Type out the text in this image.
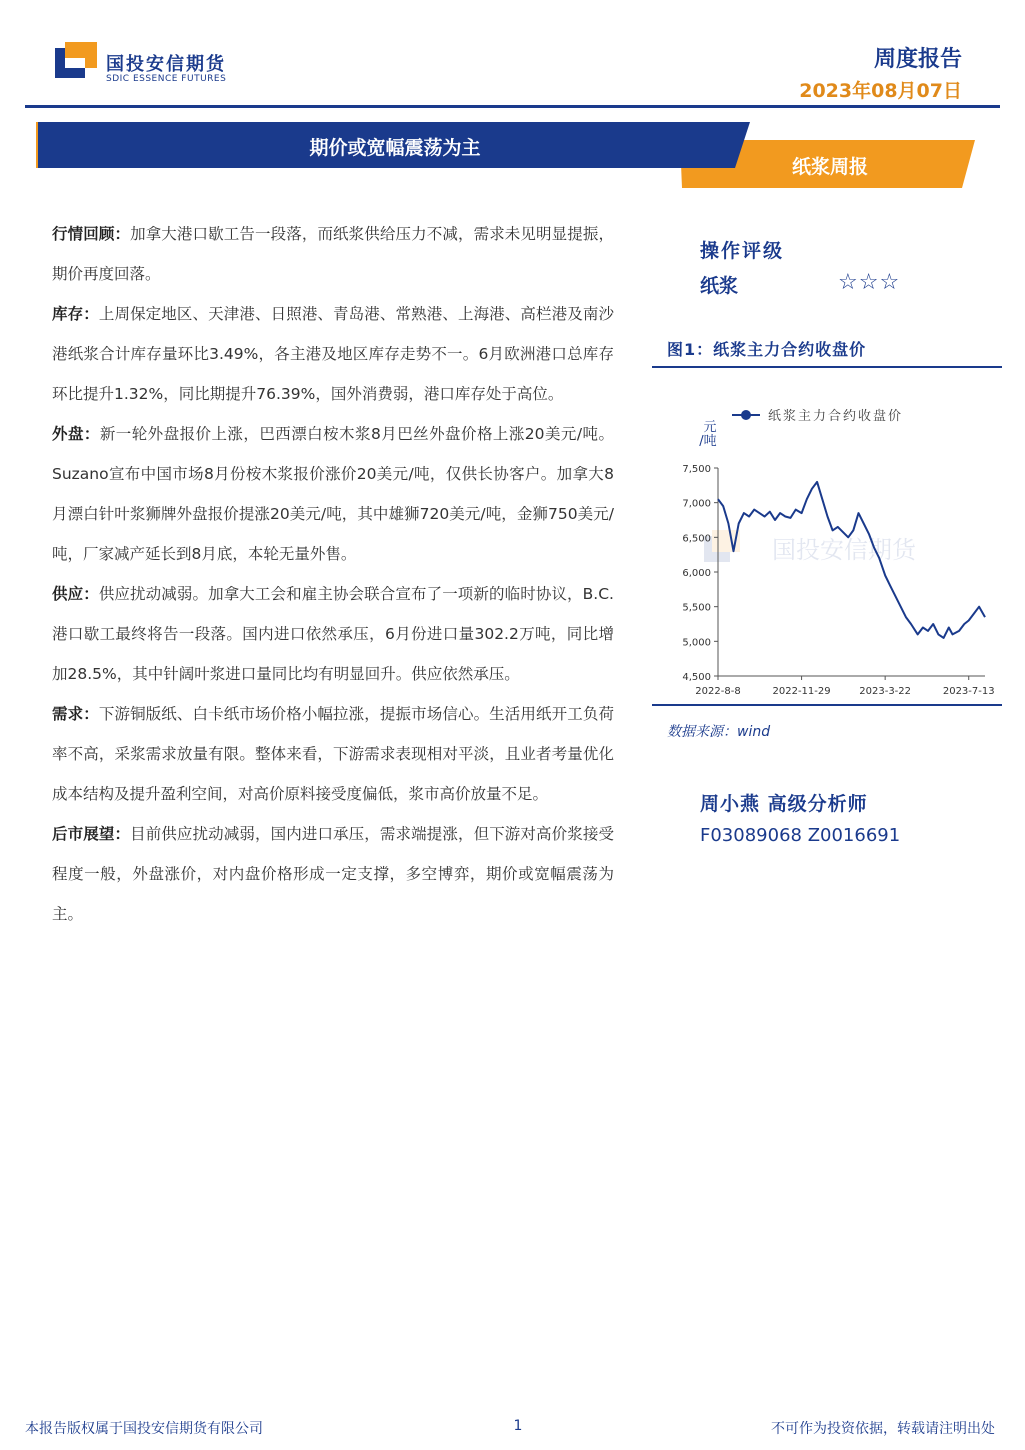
国投安信期货
SDIC ESSENCE FUTURES
周度报告
2023年08月07日
期价或宽幅震荡为主
纸浆周报

行情回顾：加拿大港口歇工告一段落，而纸浆供给压力不减，需求未见明显提振，期价再度回落。

库存：上周保定地区、天津港、日照港、青岛港、常熟港、上海港、高栏港及南沙港纸浆合计库存量环比3.49%，各主港及地区库存走势不一。6月欧洲港口总库存环比提升1.32%，同比期提升76.39%，国外消费弱，港口库存处于高位。

外盘：新一轮外盘报价上涨，巴西漂白桉木浆8月巴丝外盘价格上涨20美元/吨。Suzano宣布中国市场8月份桉木浆报价涨价20美元/吨，仅供长协客户。加拿大8月漂白针叶浆狮牌外盘报价提涨20美元/吨，其中雄狮720美元/吨，金狮750美元/吨，厂家减产延长到8月底，本轮无量外售。

供应：供应扰动减弱。加拿大工会和雇主协会联合宣布了一项新的临时协议，B.C.港口歇工最终将告一段落。国内进口依然承压，6月份进口量302.2万吨，同比增加28.5%，其中针阔叶浆进口量同比均有明显回升。供应依然承压。

需求：下游铜版纸、白卡纸市场价格小幅拉涨，提振市场信心。生活用纸开工负荷率不高，采浆需求放量有限。整体来看，下游需求表现相对平淡，且业者考量优化成本结构及提升盈利空间，对高价原料接受度偏低，浆市高价放量不足。

后市展望：目前供应扰动减弱，国内进口承压，需求端提涨，但下游对高价浆接受程度一般，外盘涨价，对内盘价格形成一定支撑，多空博弈，期价或宽幅震荡为主。

操作评级
纸浆	☆☆☆
图1：纸浆主力合约收盘价
国投安信期货
4,500
5,000
5,500
6,000
6,500
7,000
7,500
2022-8-8	2022-11-29	2023-3-22	2023-7-13
元
/吨
纸浆主力合约收盘价
数据来源：wind
周小燕 高级分析师
F03089068 Z0016691
本报告版权属于国投安信期货有限公司	1	不可作为投资依据，转载请注明出处
